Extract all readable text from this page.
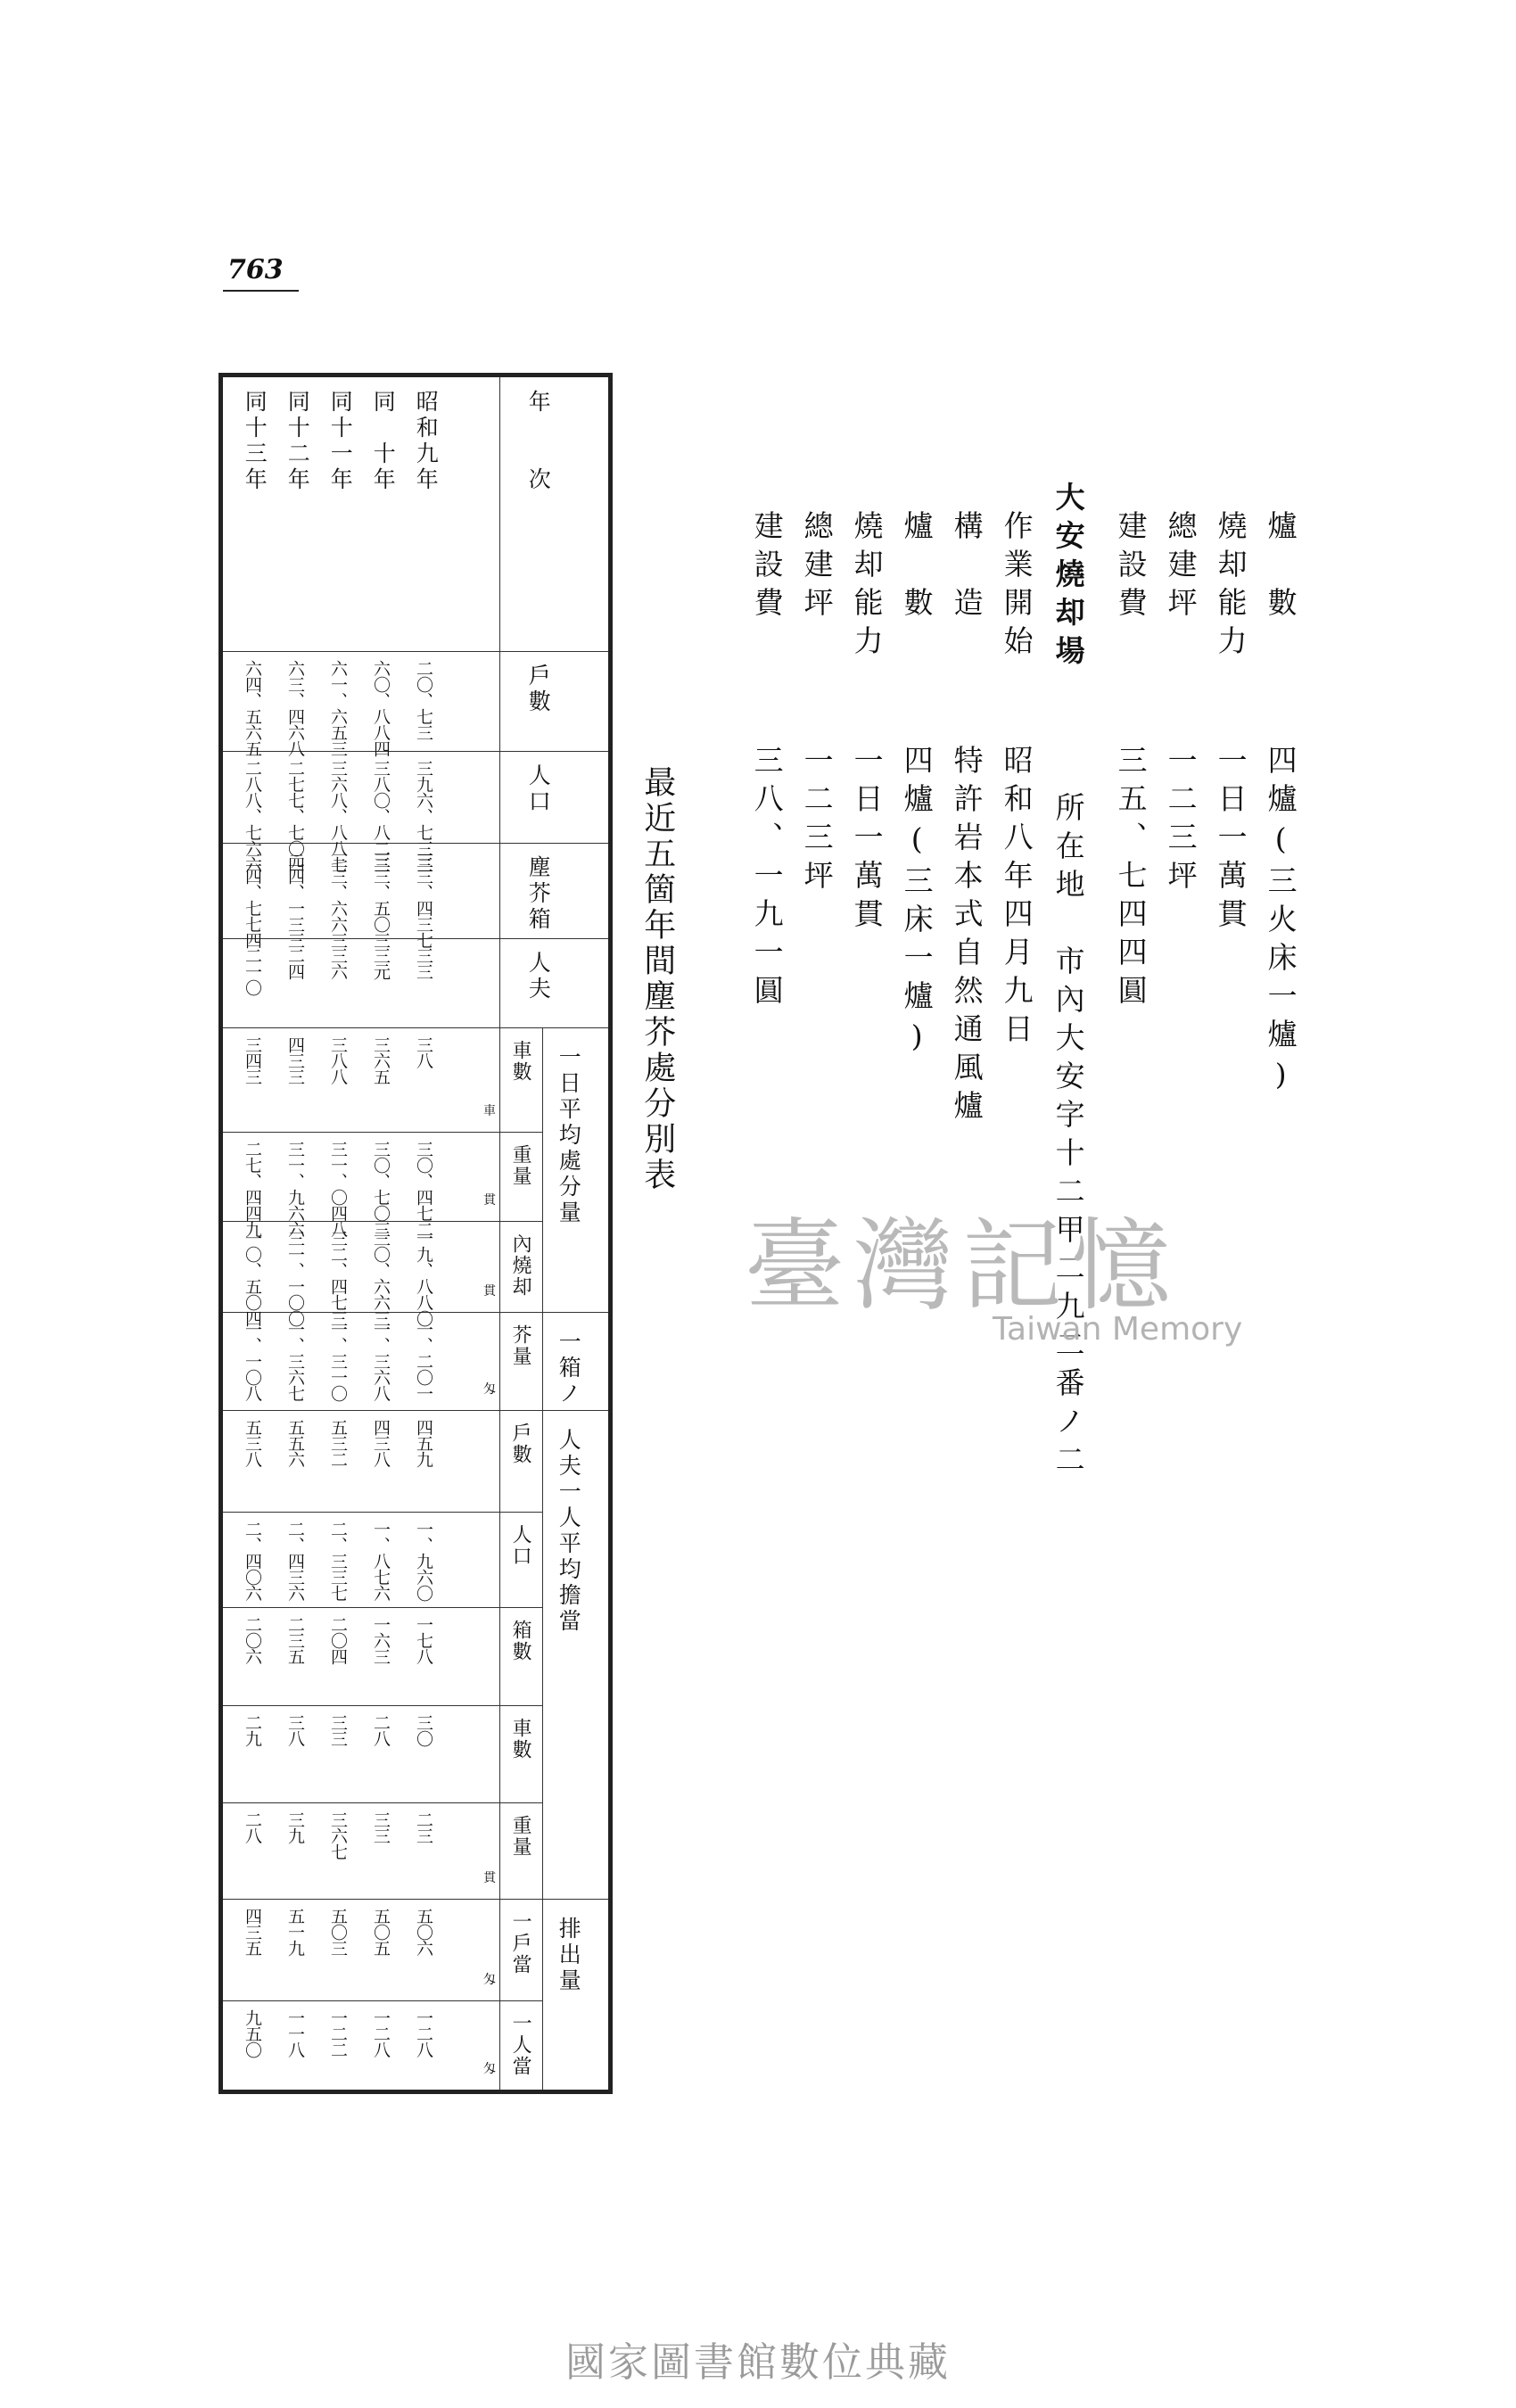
763
爐　數
四爐(三火床一爐)
燒却能力
一日一萬貫
總建坪
一二三坪
建設費
三五、七四四圓
大安燒却場
所在地　市內大安字十二甲二九二番ノ二
作業開始
昭和八年四月九日
構　造
特許岩本式自然通風爐
爐　數
四爐(三床一爐)
燒却能力
一日一萬貫
總建坪
一二三坪
建設費
三八、一九一圓
最近五箇年間塵芥處分別表
臺灣記憶
Taiwan Memory
一日平均處分量
一箱ノ
人夫一人平均擔當
排出量
年　　次
戶數
人口
塵芥箱
人夫
車數
重量
內燒却
芥量
戶數
人口
箱數
車數
重量
一戶當
一人當
昭和九年
二〇、七三
三九六、七三三
三三、四三七
三三
三八
三〇、四七二
一九、八八〇
一、二〇一
四五九
一、九六〇
一七八
三〇
二三
五〇六
一二八
同　十年
六〇、八八四
三八〇、八二三
三三、五〇三
三元
三六五
三〇、七〇三
三〇、六六三
一、三六八
四三八
一、八七六
一六三
二八
三三
五〇五
一二八
同十一年
六一、六五三
三六八、八八七
三三、六六三
三六
三八八
三一、〇四八
三二、四七三
一、三一〇
五三二
二、三三七
二〇四
三三
三六七
五〇三
一二二
同十二年
六三、四六八
二七七、七〇四
二四、一三三
二四
四三三
三一、九六六
三一、一〇〇
一、三六七
五五六
二、四三六
二三五
三八
三九
五一九
一一八
同十三年
六四、五六五
二八八、七六六
二四、七七四
二一〇
三四三
二七、四四九
一〇、五〇四
一、一〇八
五三八
二、四〇六
二〇六
二九
二八
四三五
九五〇
車
貫
貫
匁
貫
匁
匁
國家圖書館數位典藏
